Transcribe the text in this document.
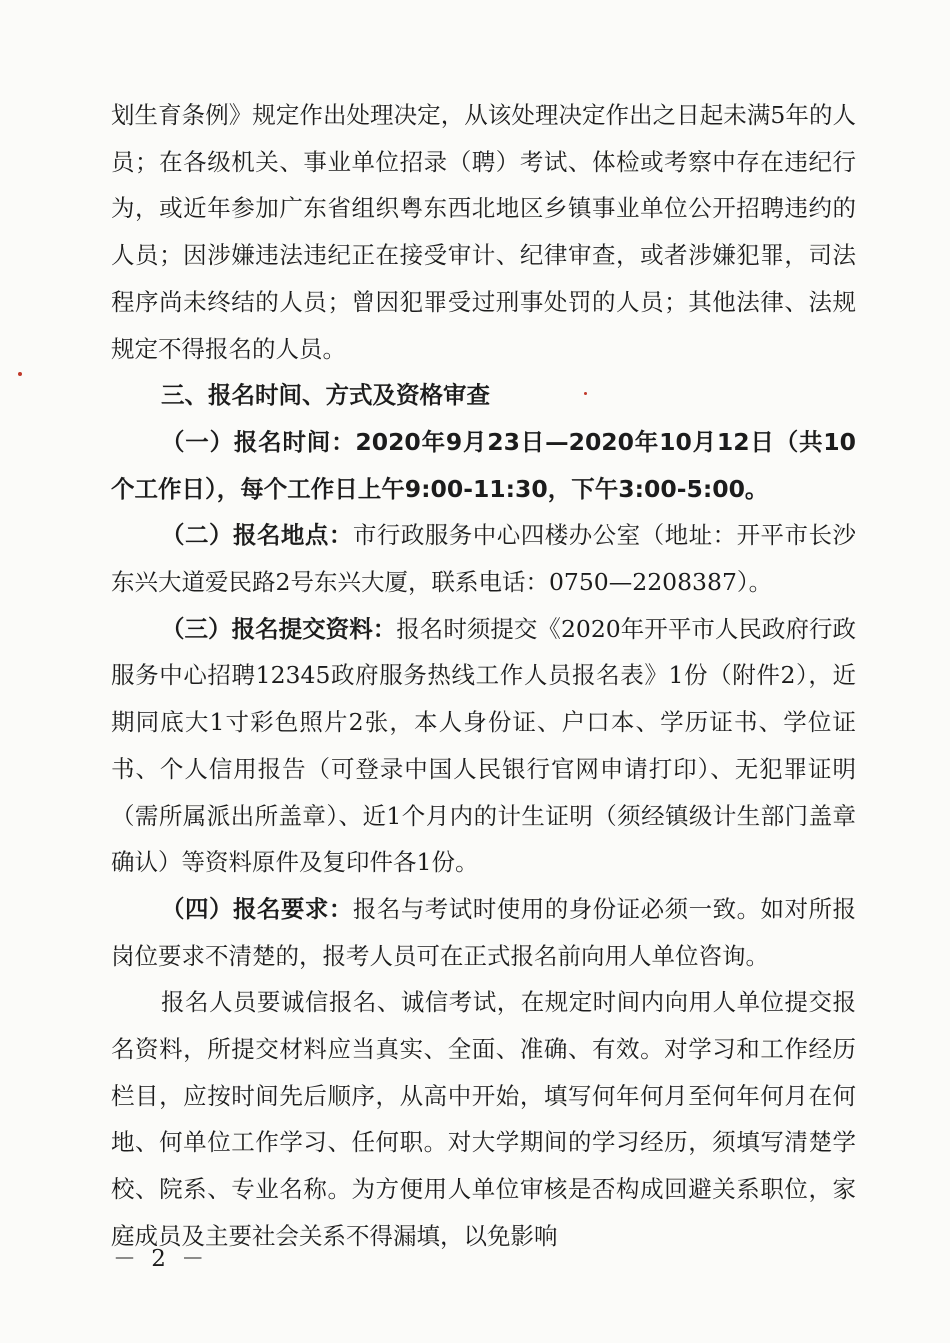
划生育条例》规定作出处理决定，从该处理决定作出之日起未满5年的人员；在各级机关、事业单位招录（聘）考试、体检或考察中存在违纪行为，或近年参加广东省组织粤东西北地区乡镇事业单位公开招聘违约的人员；因涉嫌违法违纪正在接受审计、纪律审查，或者涉嫌犯罪，司法程序尚未终结的人员；曾因犯罪受过刑事处罚的人员；其他法律、法规规定不得报名的人员。

三、报名时间、方式及资格审查

（一）报名时间：2020年9月23日—2020年10月12日（共10个工作日），每个工作日上午9:00-11:30，下午3:00-5:00。

（二）报名地点：市行政服务中心四楼办公室（地址：开平市长沙东兴大道爱民路2号东兴大厦，联系电话：0750—2208387）。

（三）报名提交资料：报名时须提交《2020年开平市人民政府行政服务中心招聘12345政府服务热线工作人员报名表》1份（附件2），近期同底大1寸彩色照片2张，本人身份证、户口本、学历证书、学位证书、个人信用报告（可登录中国人民银行官网申请打印）、无犯罪证明（需所属派出所盖章）、近1个月内的计生证明（须经镇级计生部门盖章确认）等资料原件及复印件各1份。

（四）报名要求：报名与考试时使用的身份证必须一致。如对所报岗位要求不清楚的，报考人员可在正式报名前向用人单位咨询。

报名人员要诚信报名、诚信考试，在规定时间内向用人单位提交报名资料，所提交材料应当真实、全面、准确、有效。对学习和工作经历栏目，应按时间先后顺序，从高中开始，填写何年何月至何年何月在何地、何单位工作学习、任何职。对大学期间的学习经历，须填写清楚学校、院系、专业名称。为方便用人单位审核是否构成回避关系职位，家庭成员及主要社会关系不得漏填，以免影响

－ 2 －
